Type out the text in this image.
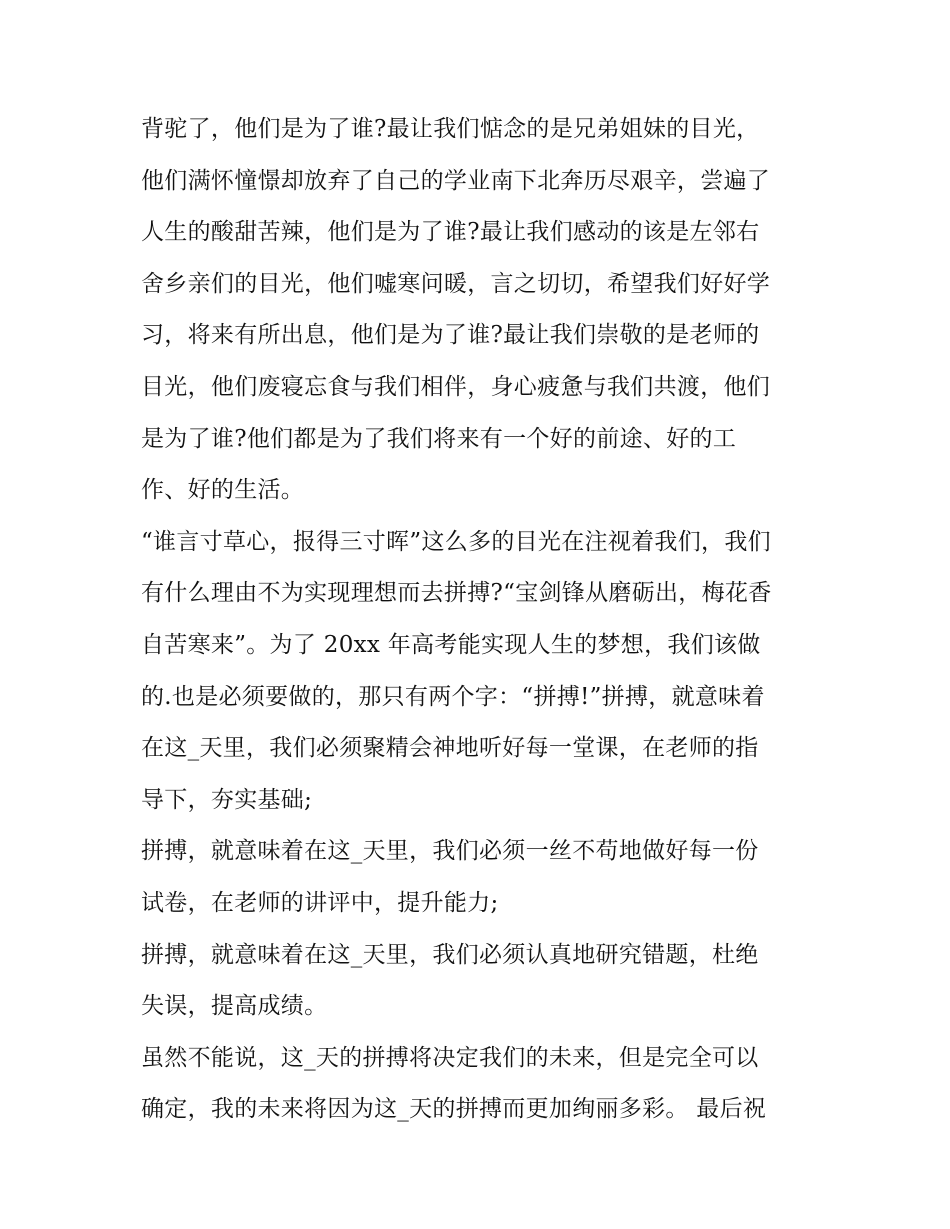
背驼了，他们是为了谁?最让我们惦念的是兄弟姐妹的目光，
他们满怀憧憬却放弃了自己的学业南下北奔历尽艰辛，尝遍了
人生的酸甜苦辣，他们是为了谁?最让我们感动的该是左邻右
舍乡亲们的目光，他们嘘寒问暖，言之切切，希望我们好好学
习，将来有所出息，他们是为了谁?最让我们崇敬的是老师的
目光，他们废寝忘食与我们相伴，身心疲惫与我们共渡，他们
是为了谁?他们都是为了我们将来有一个好的前途、好的工
作、好的生活。
“谁言寸草心，报得三寸晖”这么多的目光在注视着我们，我们
有什么理由不为实现理想而去拼搏?“宝剑锋从磨砺出，梅花香
自苦寒来”。为了 20xx 年高考能实现人生的梦想，我们该做
的.也是必须要做的，那只有两个字：“拼搏!”拼搏，就意味着
在这_天里，我们必须聚精会神地听好每一堂课，在老师的指
导下，夯实基础;
拼搏，就意味着在这_天里，我们必须一丝不苟地做好每一份
试卷，在老师的讲评中，提升能力;
拼搏，就意味着在这_天里，我们必须认真地研究错题，杜绝
失误，提高成绩。
虽然不能说，这_天的拼搏将决定我们的未来，但是完全可以
确定，我的未来将因为这_天的拼搏而更加绚丽多彩。 最后祝
